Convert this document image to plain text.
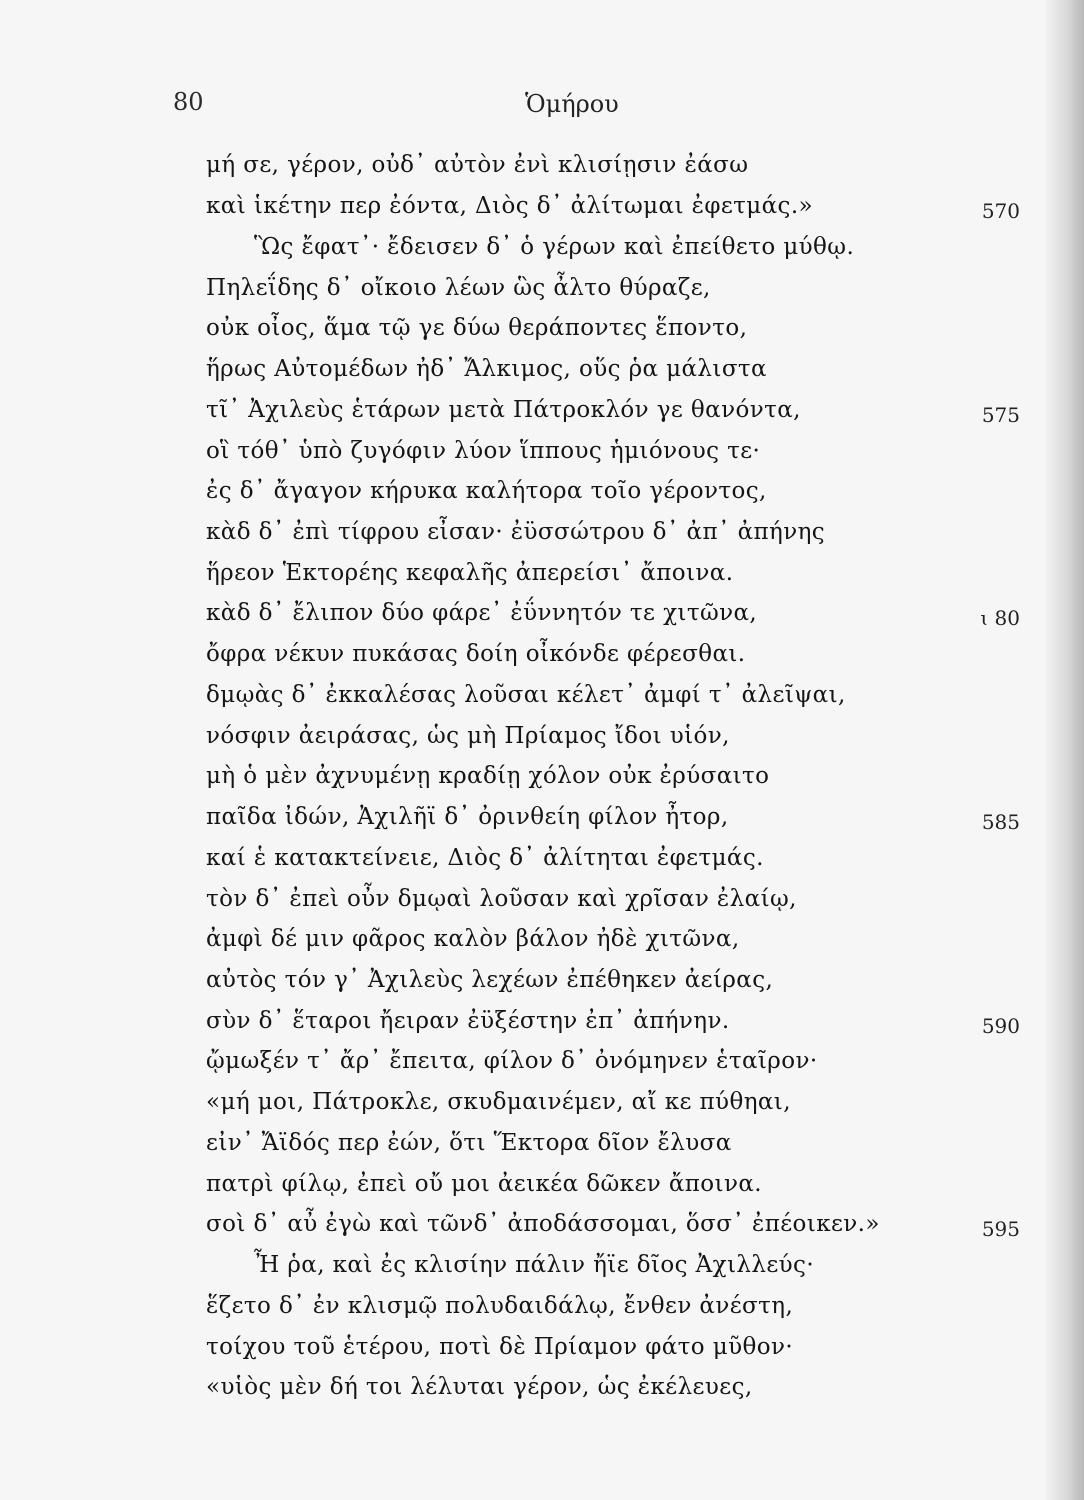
80	Ὁμήρου
μή σε, γέρον, οὐδ᾽ αὐτὸν ἐνὶ κλισίῃσιν ἐάσω
καὶ ἱκέτην περ ἐόντα, Διὸς δ᾽ ἀλίτωμαι ἐφετμάς.»	570
Ὣς ἔφατ᾽· ἔδεισεν δ᾽ ὁ γέρων καὶ ἐπείθετο μύθῳ.
Πηλεΐδης δ᾽ οἴκοιο λέων ὣς ἆλτο θύραζε,
οὐκ οἶος, ἅμα τῷ γε δύω θεράποντες ἕποντο,
ἥρως Αὐτομέδων ἠδ᾽ Ἄλκιμος, οὕς ῥα μάλιστα
τῖ᾽ Ἀχιλεὺς ἑτάρων μετὰ Πάτροκλόν γε θανόντα,	575
οἳ τόθ᾽ ὑπὸ ζυγόφιν λύον ἵππους ἡμιόνους τε·
ἐς δ᾽ ἄγαγον κήρυκα καλήτορα τοῖο γέροντος,
κὰδ δ᾽ ἐπὶ τίφρου εἶσαν· ἐϋσσώτρου δ᾽ ἀπ᾽ ἀπήνης
ἥρεον Ἑκτορέης κεφαλῆς ἀπερείσι᾽ ἄποινα.
κὰδ δ᾽ ἔλιπον δύο φάρε᾽ ἐΰννητόν τε χιτῶνα,	ɩ 80
ὄφρα νέκυν πυκάσας δοίη οἶκόνδε φέρεσθαι.
δμῳὰς δ᾽ ἐκκαλέσας λοῦσαι κέλετ᾽ ἀμφί τ᾽ ἀλεῖψαι,
νόσφιν ἀειράσας, ὡς μὴ Πρίαμος ἴδοι υἱόν,
μὴ ὁ μὲν ἀχνυμένῃ κραδίῃ χόλον οὐκ ἐρύσαιτο
παῖδα ἰδών, Ἀχιλῆϊ δ᾽ ὀρινθείη φίλον ἦτορ,	585
καί ἑ κατακτείνειε, Διὸς δ᾽ ἀλίτηται ἐφετμάς.
τὸν δ᾽ ἐπεὶ οὖν δμῳαὶ λοῦσαν καὶ χρῖσαν ἐλαίῳ,
ἀμφὶ δέ μιν φᾶρος καλὸν βάλον ἠδὲ χιτῶνα,
αὐτὸς τόν γ᾽ Ἀχιλεὺς λεχέων ἐπέθηκεν ἀείρας,
σὺν δ᾽ ἕταροι ἤειραν ἐϋξέστην ἐπ᾽ ἀπήνην.	590
ᾤμωξέν τ᾽ ἄρ᾽ ἔπειτα, φίλον δ᾽ ὀνόμηνεν ἑταῖρον·
«μή μοι, Πάτροκλε, σκυδμαινέμεν, αἴ κε πύθηαι,
εἰν᾽ Ἄϊδός περ ἐών, ὅτι Ἕκτορα δῖον ἔλυσα
πατρὶ φίλῳ, ἐπεὶ οὔ μοι ἀεικέα δῶκεν ἄποινα.
σοὶ δ᾽ αὖ ἐγὼ καὶ τῶνδ᾽ ἀποδάσσομαι, ὅσσ᾽ ἐπέοικεν.»	595
Ἦ ῥα, καὶ ἐς κλισίην πάλιν ἤϊε δῖος Ἀχιλλεύς·
ἕζετο δ᾽ ἐν κλισμῷ πολυδαιδάλῳ, ἔνθεν ἀνέστη,
τοίχου τοῦ ἑτέρου, ποτὶ δὲ Πρίαμον φάτο μῦθον·
«υἱὸς μὲν δή τοι λέλυται γέρον, ὡς ἐκέλευες,
